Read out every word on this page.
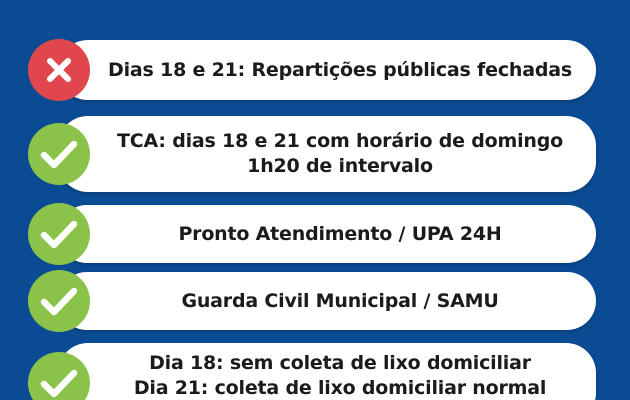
Dias 18 e 21: Repartições públicas fechadas
TCA: dias 18 e 21 com horário de domingo
1h20 de intervalo
Pronto Atendimento / UPA 24H
Guarda Civil Municipal / SAMU
Dia 18: sem coleta de lixo domiciliar
Dia 21: coleta de lixo domiciliar normal
